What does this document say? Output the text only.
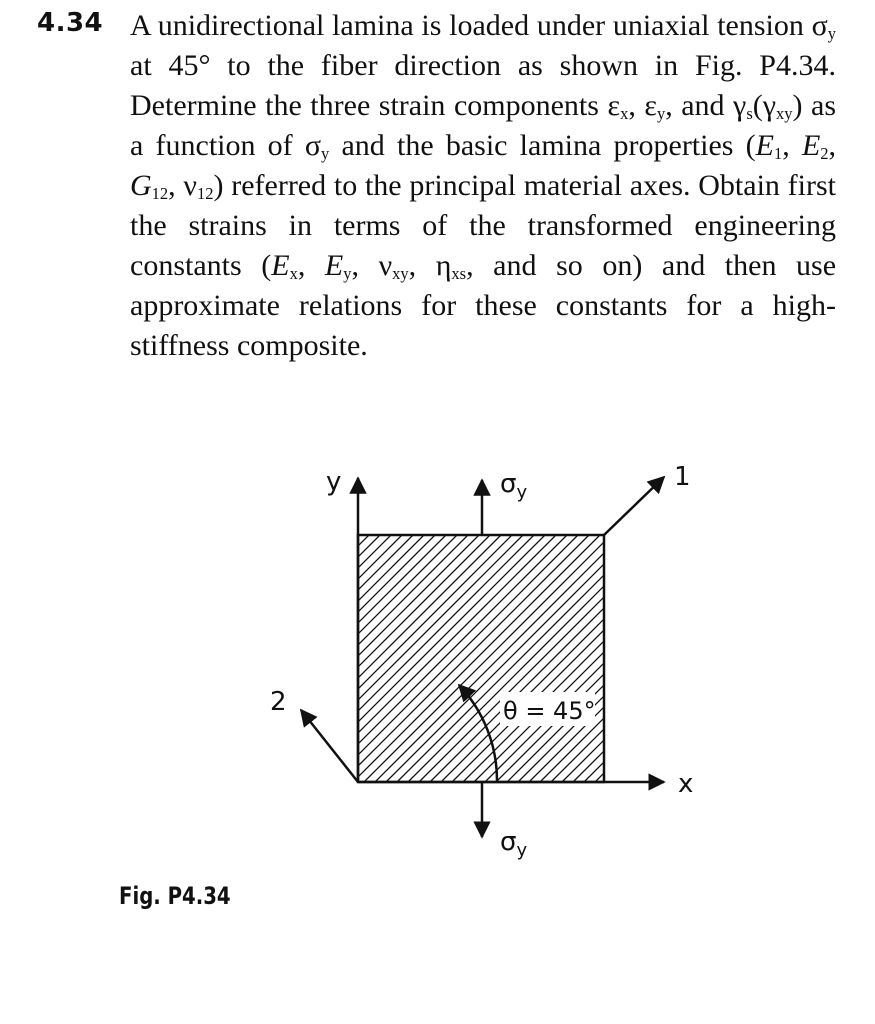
4.34 A unidirectional lamina is loaded under uniaxial tension $\sigma_y$ at 45° to the fiber direction as shown in Fig. P4.34. Determine the three strain components $\varepsilon_x$, $\varepsilon_y$, and $\gamma_s(\gamma_{xy})$ as a function of $\sigma_y$ and the basic lamina properties ($E_1$, $E_2$, $G_{12}$, $\nu_{12}$) referred to the principal material axes. Obtain first the strains in terms of the transformed engineering constants ($E_x$, $E_y$, $\nu_{xy}$, $\eta_{xs}$, and so on) and then use approximate relations for these constants for a high-stiffness composite.
y
x
1
2
$\sigma_y$
$\sigma_y$
θ = 45°
Fig. P4.34
